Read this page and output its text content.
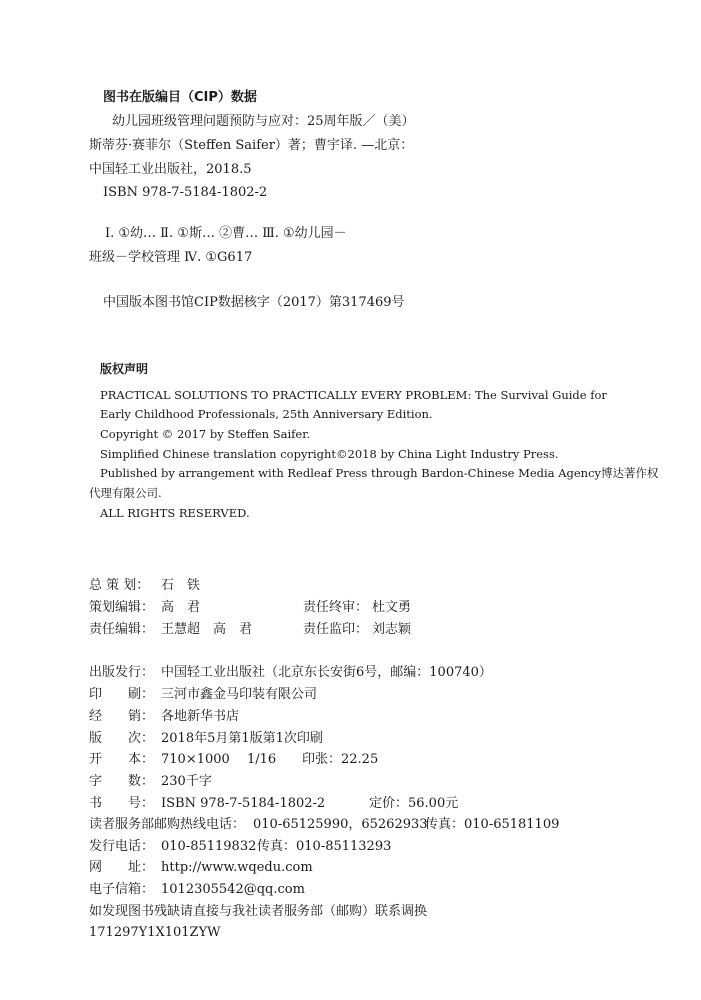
图书在版编目（CIP）数据
幼儿园班级管理问题预防与应对：25周年版／（美）
斯蒂芬·赛菲尔（Steffen Saifer）著；曹宇译. —北京：
中国轻工业出版社，2018.5
ISBN 978-7-5184-1802-2
Ⅰ. ①幼… Ⅱ. ①斯… ②曹… Ⅲ. ①幼儿园－
班级－学校管理 Ⅳ. ①G617
中国版本图书馆CIP数据核字（2017）第317469号
版权声明
PRACTICAL SOLUTIONS TO PRACTICALLY EVERY PROBLEM: The Survival Guide for
Early Childhood Professionals, 25th Anniversary Edition.
Copyright © 2017 by Steffen Saifer.
Simplified Chinese translation copyright©2018 by China Light Industry Press.
Published by arrangement with Redleaf Press through Bardon-Chinese Media Agency博达著作权
代理有限公司.
ALL RIGHTS RESERVED.
总 策 划： 石　铁
策划编辑： 高　君	责任终审： 杜文勇
责任编辑： 王慧超　高　君	责任监印： 刘志颖
出版发行： 中国轻工业出版社（北京东长安街6号，邮编：100740）
印　　刷： 三河市鑫金马印装有限公司
经　　销： 各地新华书店
版　　次： 2018年5月第1版第1次印刷
开　　本： 710×1000 1/16 印张：22.25
字　　数： 230千字
书　　号： ISBN 978-7-5184-1802-2	定价：56.00元
读者服务部邮购热线电话： 010-65125990，65262933
传真：010-65181109
发行电话： 010-85119832 传真：010-85113293
网　　址： http://www.wqedu.com
电子信箱： 1012305542@qq.com
如发现图书残缺请直接与我社读者服务部（邮购）联系调换
171297Y1X101ZYW
